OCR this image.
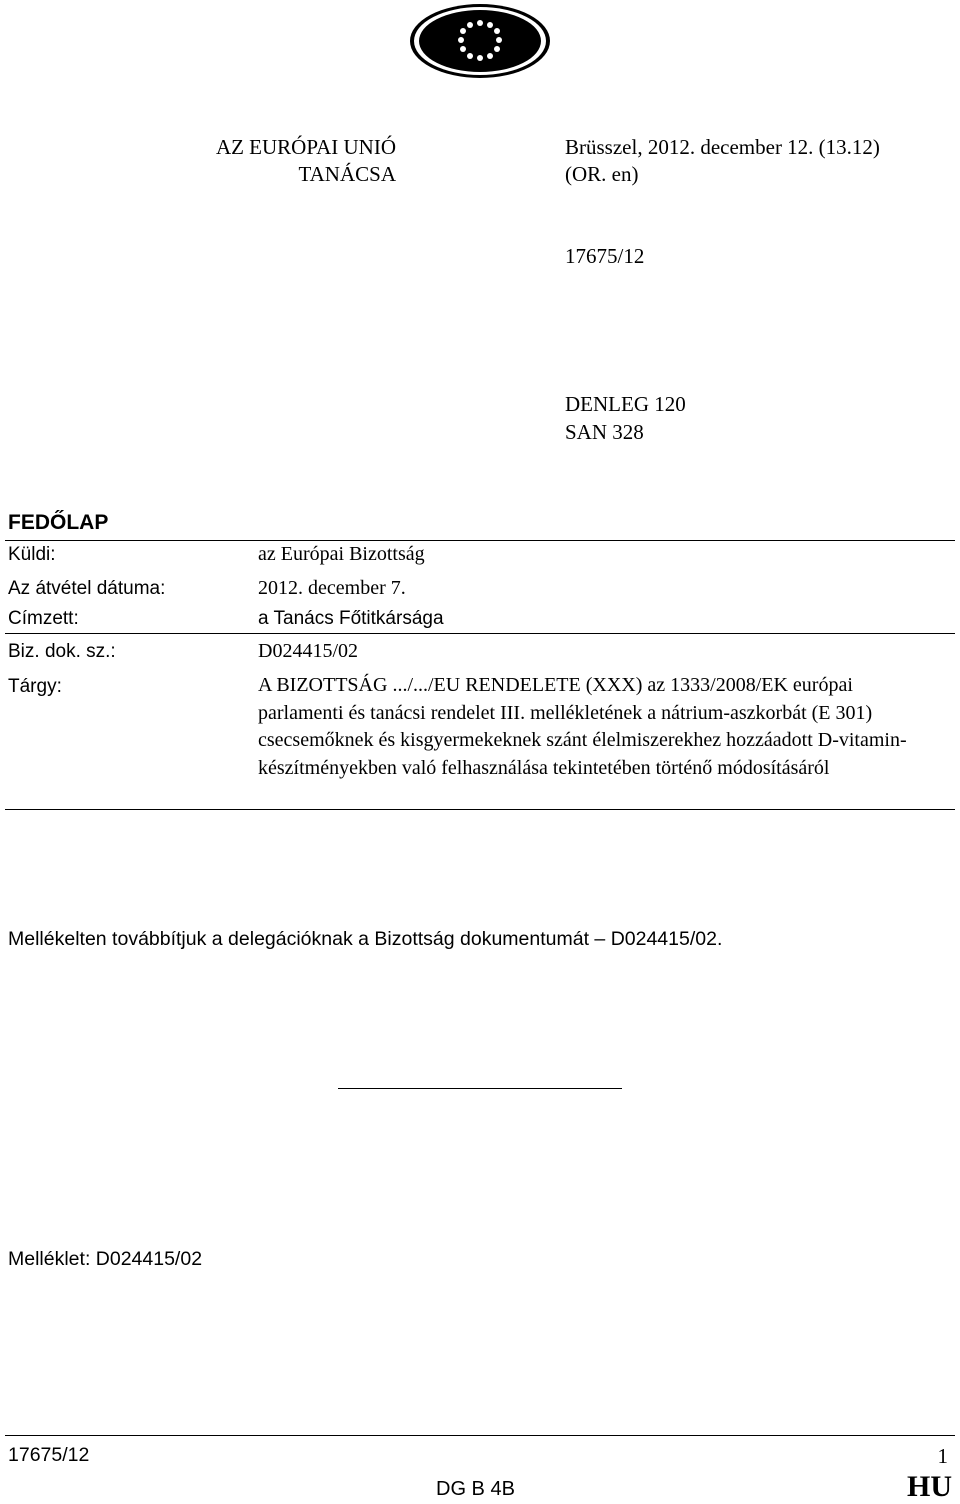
AZ EURÓPAI UNIÓ
TANÁCSA
Brüsszel, 2012. december 12. (13.12)
(OR. en)
17675/12
DENLEG 120
SAN 328
FEDŐLAP
Küldi:	az Európai Bizottság
Az átvétel dátuma:	2012. december 7.
Címzett:	a Tanács Főtitkársága
Biz. dok. sz.:	D024415/02
Tárgy:	A BIZOTTSÁG .../.../EU RENDELETE (XXX) az 1333/2008/EK európai parlamenti és tanácsi rendelet III. mellékletének a nátrium-aszkorbát (E 301) csecsemőknek és kisgyermekeknek szánt élelmiszerekhez hozzáadott D-vitamin-készítményekben való felhasználása tekintetében történő módosításáról
Mellékelten továbbítjuk a delegációknak a Bizottság dokumentumát – D024415/02.
Melléklet: D024415/02
17675/12	1
DG B 4B	HU
